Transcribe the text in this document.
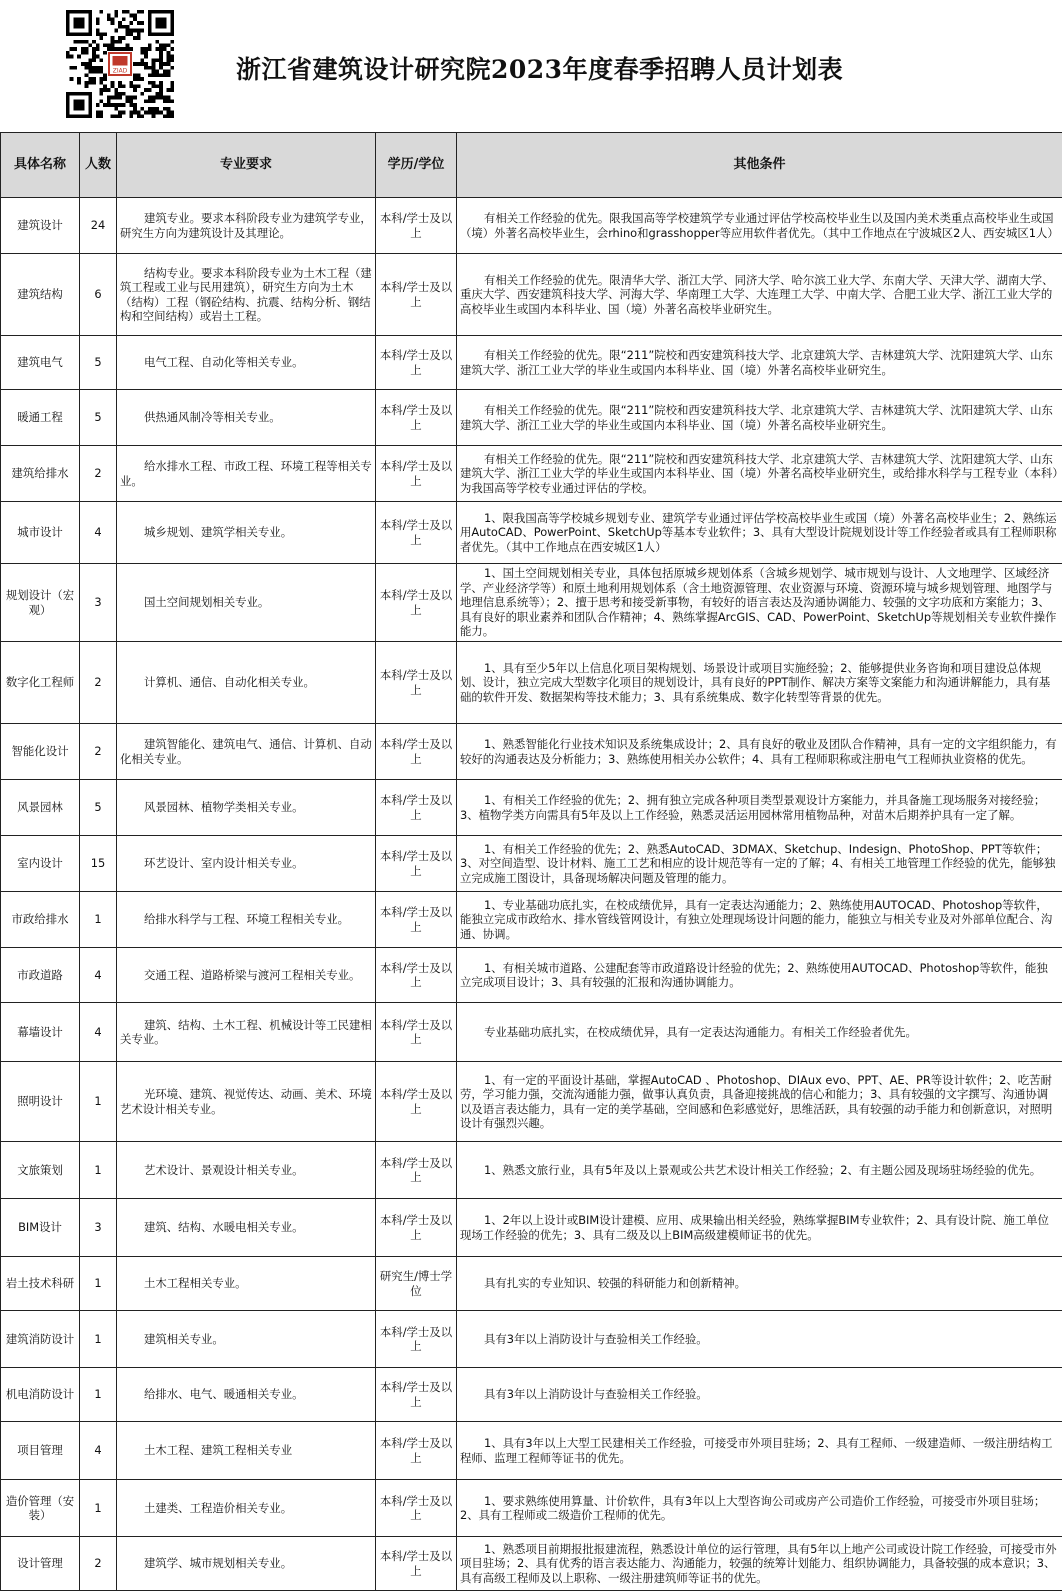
ZIAD	浙江省建筑设计研究院2023年度春季招聘人员计划表
具体名称	人数	专业要求	学历/学位	其他条件
建筑设计	24	建筑专业。要求本科阶段专业为建筑学专业，研究生方向为建筑设计及其理论。	本科/学士及以上	有相关工作经验的优先。限我国高等学校建筑学专业通过评估学校高校毕业生以及国内美术类重点高校毕业生或国（境）外著名高校毕业生，会rhino和grasshopper等应用软件者优先。（其中工作地点在宁波城区2人、西安城区1人）
建筑结构	6	结构专业。要求本科阶段专业为土木工程（建筑工程或工业与民用建筑），研究生方向为土木（结构）工程（钢砼结构、抗震、结构分析、钢结构和空间结构）或岩土工程。	本科/学士及以上	有相关工作经验的优先。限清华大学、浙江大学、同济大学、哈尔滨工业大学、东南大学、天津大学、湖南大学、重庆大学、西安建筑科技大学、河海大学、华南理工大学、大连理工大学、中南大学、合肥工业大学、浙江工业大学的高校毕业生或国内本科毕业、国（境）外著名高校毕业研究生。
建筑电气	5	电气工程、自动化等相关专业。	本科/学士及以上	有相关工作经验的优先。限“211”院校和西安建筑科技大学、北京建筑大学、吉林建筑大学、沈阳建筑大学、山东建筑大学、浙江工业大学的毕业生或国内本科毕业、国（境）外著名高校毕业研究生。
暖通工程	5	供热通风制冷等相关专业。	本科/学士及以上	有相关工作经验的优先。限“211”院校和西安建筑科技大学、北京建筑大学、吉林建筑大学、沈阳建筑大学、山东建筑大学、浙江工业大学的毕业生或国内本科毕业、国（境）外著名高校毕业研究生。
建筑给排水	2	给水排水工程、市政工程、环境工程等相关专业。	本科/学士及以上	有相关工作经验的优先。限“211”院校和西安建筑科技大学、北京建筑大学、吉林建筑大学、沈阳建筑大学、山东建筑大学、浙江工业大学的毕业生或国内本科毕业、国（境）外著名高校毕业研究生，或给排水科学与工程专业（本科）为我国高等学校专业通过评估的学校。
城市设计	4	城乡规划、建筑学相关专业。	本科/学士及以上	1、限我国高等学校城乡规划专业、建筑学专业通过评估学校高校毕业生或国（境）外著名高校毕业生；2、熟练运用AutoCAD、PowerPoint、SketchUp等基本专业软件；3、具有大型设计院规划设计等工作经验者或具有工程师职称者优先。（其中工作地点在西安城区1人）
规划设计（宏观）	3	国土空间规划相关专业。	本科/学士及以上	1、国土空间规划相关专业，具体包括原城乡规划体系（含城乡规划学、城市规划与设计、人文地理学、区域经济学、产业经济学等）和原土地利用规划体系（含土地资源管理、农业资源与环境、资源环境与城乡规划管理、地图学与地理信息系统等）；2、擅于思考和接受新事物，有较好的语言表达及沟通协调能力、较强的文字功底和方案能力；3、具有良好的职业素养和团队合作精神；4、熟练掌握ArcGIS、CAD、PowerPoint、SketchUp等规划相关专业软件操作能力。
数字化工程师	2	计算机、通信、自动化相关专业。	本科/学士及以上	1、具有至少5年以上信息化项目架构规划、场景设计或项目实施经验；2、能够提供业务咨询和项目建设总体规划、设计，独立完成大型数字化项目的规划设计，具有良好的PPT制作、解决方案等文案能力和沟通讲解能力，具有基础的软件开发、数据架构等技术能力；3、具有系统集成、数字化转型等背景的优先。
智能化设计	2	建筑智能化、建筑电气、通信、计算机、自动化相关专业。	本科/学士及以上	1、熟悉智能化行业技术知识及系统集成设计；2、具有良好的敬业及团队合作精神，具有一定的文字组织能力，有较好的沟通表达及分析能力；3、熟练使用相关办公软件；4、具有工程师职称或注册电气工程师执业资格的优先。
风景园林	5	风景园林、植物学类相关专业。	本科/学士及以上	1、有相关工作经验的优先；2、拥有独立完成各种项目类型景观设计方案能力，并具备施工现场服务对接经验；3、植物学类方向需具有5年及以上工作经验，熟悉灵活运用园林常用植物品种，对苗木后期养护具有一定了解。
室内设计	15	环艺设计、室内设计相关专业。	本科/学士及以上	1、有相关工作经验的优先；2、熟悉AutoCAD、3DMAX、Sketchup、Indesign、PhotoShop、PPT等软件；3、对空间造型、设计材料、施工工艺和相应的设计规范等有一定的了解；4、有相关工地管理工作经验的优先，能够独立完成施工图设计，具备现场解决问题及管理的能力。
市政给排水	1	给排水科学与工程、环境工程相关专业。	本科/学士及以上	1、专业基础功底扎实，在校成绩优异，具有一定表达沟通能力；2、熟练使用AUTOCAD、Photoshop等软件，能独立完成市政给水、排水管线管网设计，有独立处理现场设计问题的能力，能独立与相关专业及对外部单位配合、沟通、协调。
市政道路	4	交通工程、道路桥梁与渡河工程相关专业。	本科/学士及以上	1、有相关城市道路、公建配套等市政道路设计经验的优先；2、熟练使用AUTOCAD、Photoshop等软件，能独立完成项目设计；3、具有较强的汇报和沟通协调能力。
幕墙设计	4	建筑、结构、土木工程、机械设计等工民建相关专业。	本科/学士及以上	专业基础功底扎实，在校成绩优异，具有一定表达沟通能力。有相关工作经验者优先。
照明设计	1	光环境、建筑、视觉传达、动画、美术、环境艺术设计相关专业。	本科/学士及以上	1、有一定的平面设计基础，掌握AutoCAD 、Photoshop、DIAux evo、PPT、AE、PR等设计软件；2、吃苦耐劳，学习能力强，交流沟通能力强，做事认真负责，具备迎接挑战的信心和能力；3、具有较强的文字撰写、沟通协调以及语言表达能力，具有一定的美学基础，空间感和色彩感觉好，思维活跃，具有较强的动手能力和创新意识，对照明设计有强烈兴趣。
文旅策划	1	艺术设计、景观设计相关专业。	本科/学士及以上	1、熟悉文旅行业，具有5年及以上景观或公共艺术设计相关工作经验；2、有主题公园及现场驻场经验的优先。
BIM设计	3	建筑、结构、水暖电相关专业。	本科/学士及以上	1、2年以上设计或BIM设计建模、应用、成果输出相关经验，熟练掌握BIM专业软件；2、具有设计院、施工单位现场工作经验的优先；3、具有二级及以上BIM高级建模师证书的优先。
岩土技术科研	1	土木工程相关专业。	研究生/博士学位	具有扎实的专业知识、较强的科研能力和创新精神。
建筑消防设计	1	建筑相关专业。	本科/学士及以上	具有3年以上消防设计与查验相关工作经验。
机电消防设计	1	给排水、电气、暖通相关专业。	本科/学士及以上	具有3年以上消防设计与查验相关工作经验。
项目管理	4	土木工程、建筑工程相关专业	本科/学士及以上	1、具有3年以上大型工民建相关工作经验，可接受市外项目驻场；2、具有工程师、一级建造师、一级注册结构工程师、监理工程师等证书的优先。
造价管理（安装）	1	土建类、工程造价相关专业。	本科/学士及以上	1、要求熟练使用算量、计价软件，具有3年以上大型咨询公司或房产公司造价工作经验，可接受市外项目驻场；2、具有工程师或二级造价工程师的优先。
设计管理	2	建筑学、城市规划相关专业。	本科/学士及以上	1、熟悉项目前期报批报建流程，熟悉设计单位的运行管理，具有5年以上地产公司或设计院工作经验，可接受市外项目驻场；2、具有优秀的语言表达能力、沟通能力，较强的统筹计划能力、组织协调能力，具备较强的成本意识；3、具有高级工程师及以上职称、一级注册建筑师等证书的优先。
